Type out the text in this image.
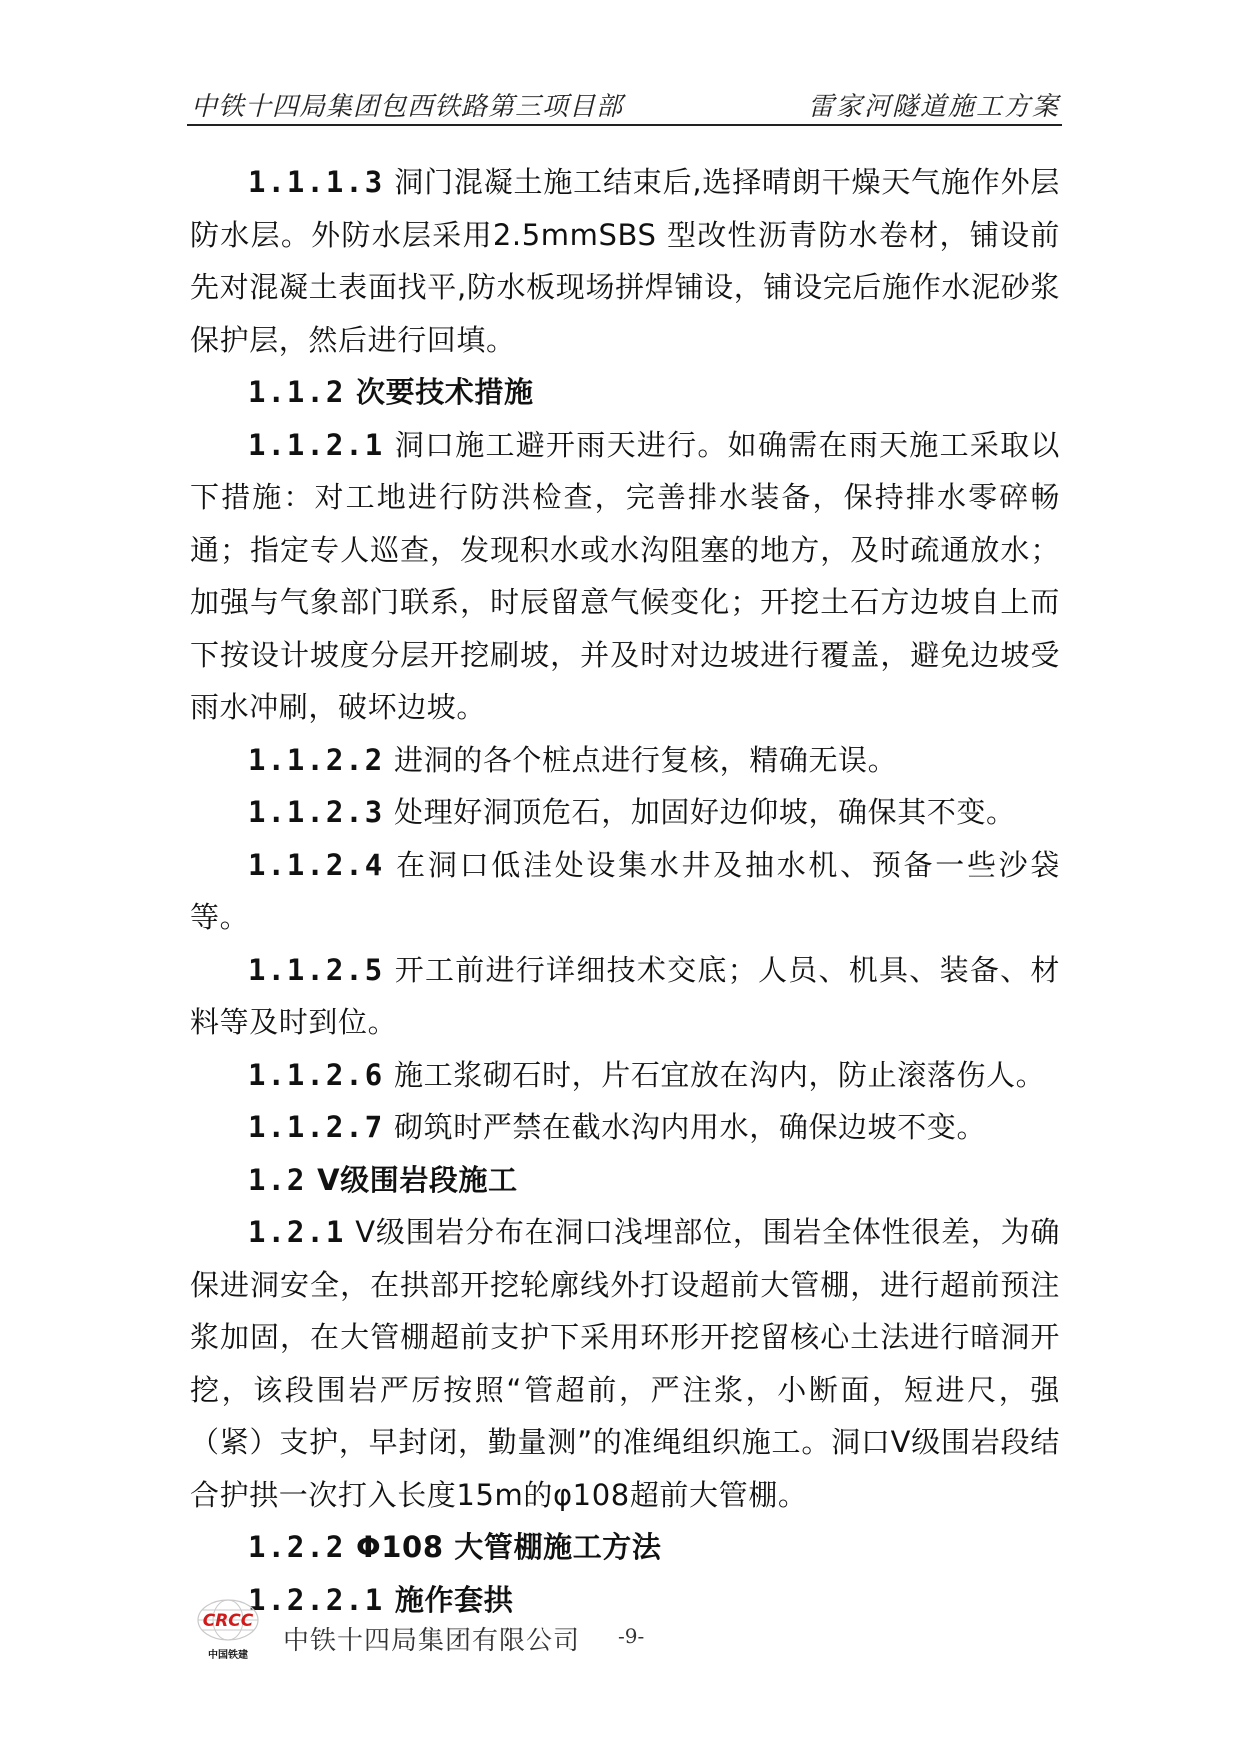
中铁十四局集团包西铁路第三项目部	雷家河隧道施工方案

1.1.1.3 洞门混凝土施工结束后,选择晴朗干燥天气施作外层防水层。外防水层采用2.5mmSBS 型改性沥青防水卷材，铺设前先对混凝土表面找平,防水板现场拼焊铺设，铺设完后施作水泥砂浆保护层，然后进行回填。

1.1.2 次要技术措施

1.1.2.1 洞口施工避开雨天进行。如确需在雨天施工采取以下措施：对工地进行防洪检查，完善排水装备，保持排水零碎畅通；指定专人巡查，发现积水或水沟阻塞的地方，及时疏通放水；加强与气象部门联系，时辰留意气候变化；开挖土石方边坡自上而下按设计坡度分层开挖刷坡，并及时对边坡进行覆盖，避免边坡受雨水冲刷，破坏边坡。

1.1.2.2 进洞的各个桩点进行复核，精确无误。

1.1.2.3 处理好洞顶危石，加固好边仰坡，确保其不变。

1.1.2.4 在洞口低洼处设集水井及抽水机、预备一些沙袋等。

1.1.2.5 开工前进行详细技术交底；人员、机具、装备、材料等及时到位。

1.1.2.6 施工浆砌石时，片石宜放在沟内，防止滚落伤人。

1.1.2.7 砌筑时严禁在截水沟内用水，确保边坡不变。

1.2 Ⅴ级围岩段施工

1.2.1 Ⅴ级围岩分布在洞口浅埋部位，围岩全体性很差，为确保进洞安全，在拱部开挖轮廓线外打设超前大管棚，进行超前预注浆加固，在大管棚超前支护下采用环形开挖留核心土法进行暗洞开挖，该段围岩严厉按照“管超前，严注浆，小断面，短进尺，强（紧）支护，早封闭，勤量测”的准绳组织施工。洞口Ⅴ级围岩段结合护拱一次打入长度15m的φ108超前大管棚。

1.2.2 Φ108 大管棚施工方法

1.2.2.1 施作套拱

CRCC
中国铁建 中铁十四局集团有限公司 -9-
